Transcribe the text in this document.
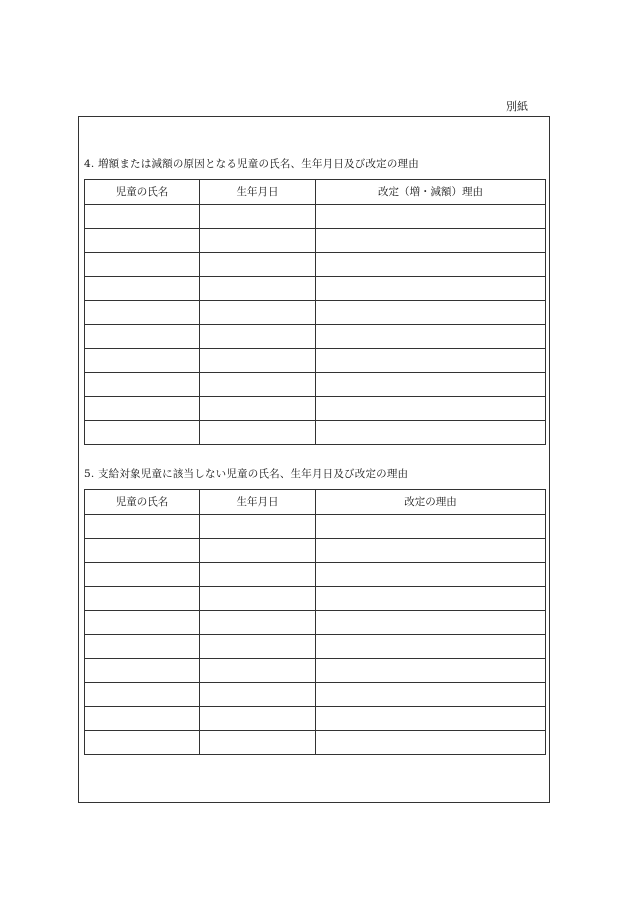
別紙
4. 増額または減額の原因となる児童の氏名、生年月日及び改定の理由
児童の氏名	生年月日	改定（増・減額）理由

5. 支給対象児童に該当しない児童の氏名、生年月日及び改定の理由
児童の氏名	生年月日	改定の理由
